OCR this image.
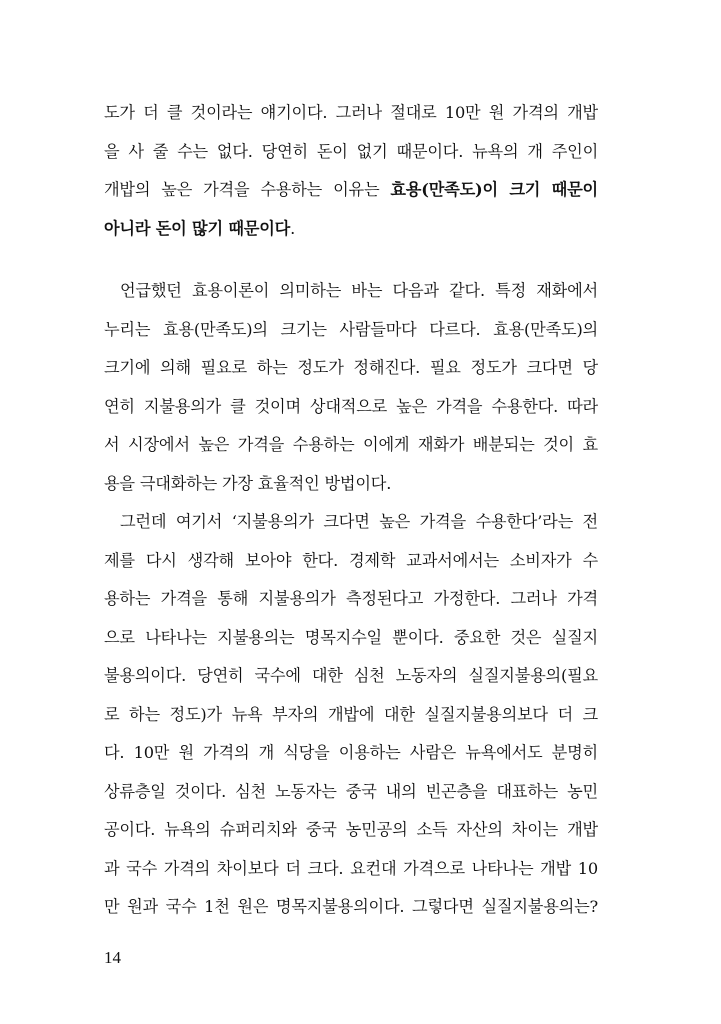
도가 더 클 것이라는 얘기이다. 그러나 절대로 10만 원 가격의 개밥
을 사 줄 수는 없다. 당연히 돈이 없기 때문이다. 뉴욕의 개 주인이
개밥의 높은 가격을 수용하는 이유는 효용(만족도)이 크기 때문이
아니라 돈이 많기 때문이다.
언급했던 효용이론이 의미하는 바는 다음과 같다. 특정 재화에서
누리는 효용(만족도)의 크기는 사람들마다 다르다. 효용(만족도)의
크기에 의해 필요로 하는 정도가 정해진다. 필요 정도가 크다면 당
연히 지불용의가 클 것이며 상대적으로 높은 가격을 수용한다. 따라
서 시장에서 높은 가격을 수용하는 이에게 재화가 배분되는 것이 효
용을 극대화하는 가장 효율적인 방법이다.
그런데 여기서 ‘지불용의가 크다면 높은 가격을 수용한다’라는 전
제를 다시 생각해 보아야 한다. 경제학 교과서에서는 소비자가 수
용하는 가격을 통해 지불용의가 측정된다고 가정한다. 그러나 가격
으로 나타나는 지불용의는 명목지수일 뿐이다. 중요한 것은 실질지
불용의이다. 당연히 국수에 대한 심천 노동자의 실질지불용의(필요
로 하는 정도)가 뉴욕 부자의 개밥에 대한 실질지불용의보다 더 크
다. 10만 원 가격의 개 식당을 이용하는 사람은 뉴욕에서도 분명히
상류층일 것이다. 심천 노동자는 중국 내의 빈곤층을 대표하는 농민
공이다. 뉴욕의 슈퍼리치와 중국 농민공의 소득 자산의 차이는 개밥
과 국수 가격의 차이보다 더 크다. 요컨대 가격으로 나타나는 개밥 10
만 원과 국수 1천 원은 명목지불용의이다. 그렇다면 실질지불용의는?
14
